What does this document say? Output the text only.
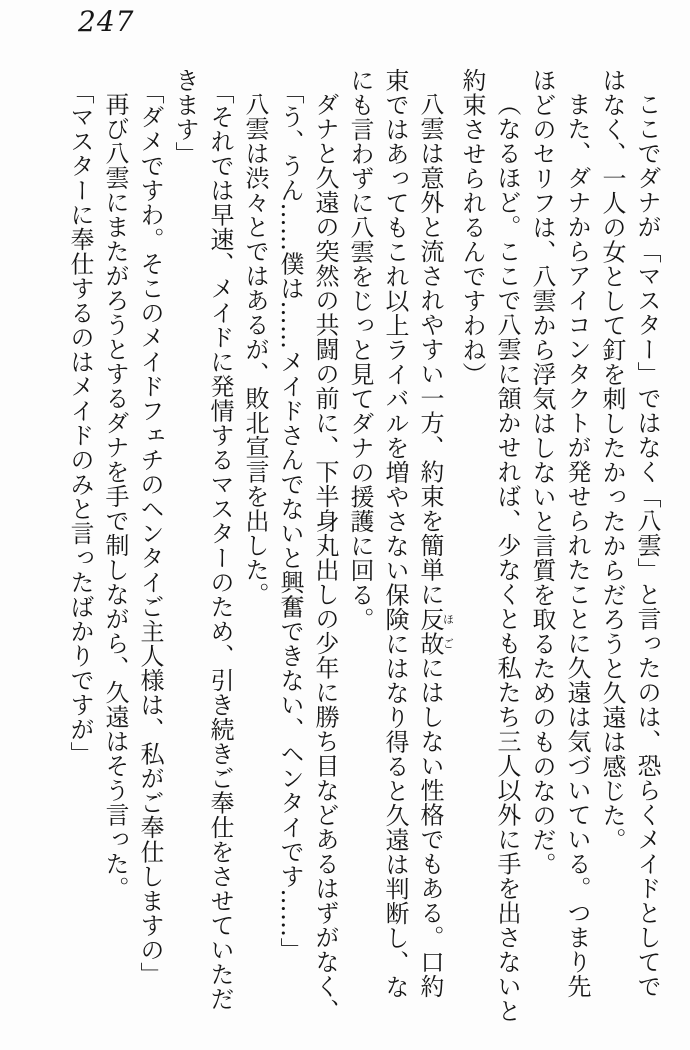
247
ここでダナが「マスター」ではなく「八雲」と言ったのは、恐らくメイドとしてで
はなく、一人の女として釘を刺したかったからだろうと久遠は感じた。
また、ダナからアイコンタクトが発せられたことに久遠は気づいている。つまり先
ほどのセリフは、八雲から浮気はしないと言質を取るためのものなのだ。
（なるほど。ここで八雲に頷かせれば、少なくとも私たち三人以外に手を出さないと
約束させられるんですわね）
八雲は意外と流されやすい一方、約束を簡単に反故ほごにはしない性格でもある。口約
束ではあってもこれ以上ライバルを増やさない保険にはなり得ると久遠は判断し、な
にも言わずに八雲をじっと見てダナの援護に回る。
ダナと久遠の突然の共闘の前に、下半身丸出しの少年に勝ち目などあるはずがなく、
「う、うん……僕は……メイドさんでないと興奮できない、ヘンタイです……」
八雲は渋々とではあるが、敗北宣言を出した。
「それでは早速、メイドに発情するマスターのため、引き続きご奉仕をさせていただ
きます」
「ダメですわ。そこのメイドフェチのヘンタイご主人様は、私がご奉仕しますの」
再び八雲にまたがろうとするダナを手で制しながら、久遠はそう言った。
「マスターに奉仕するのはメイドのみと言ったばかりですが」
